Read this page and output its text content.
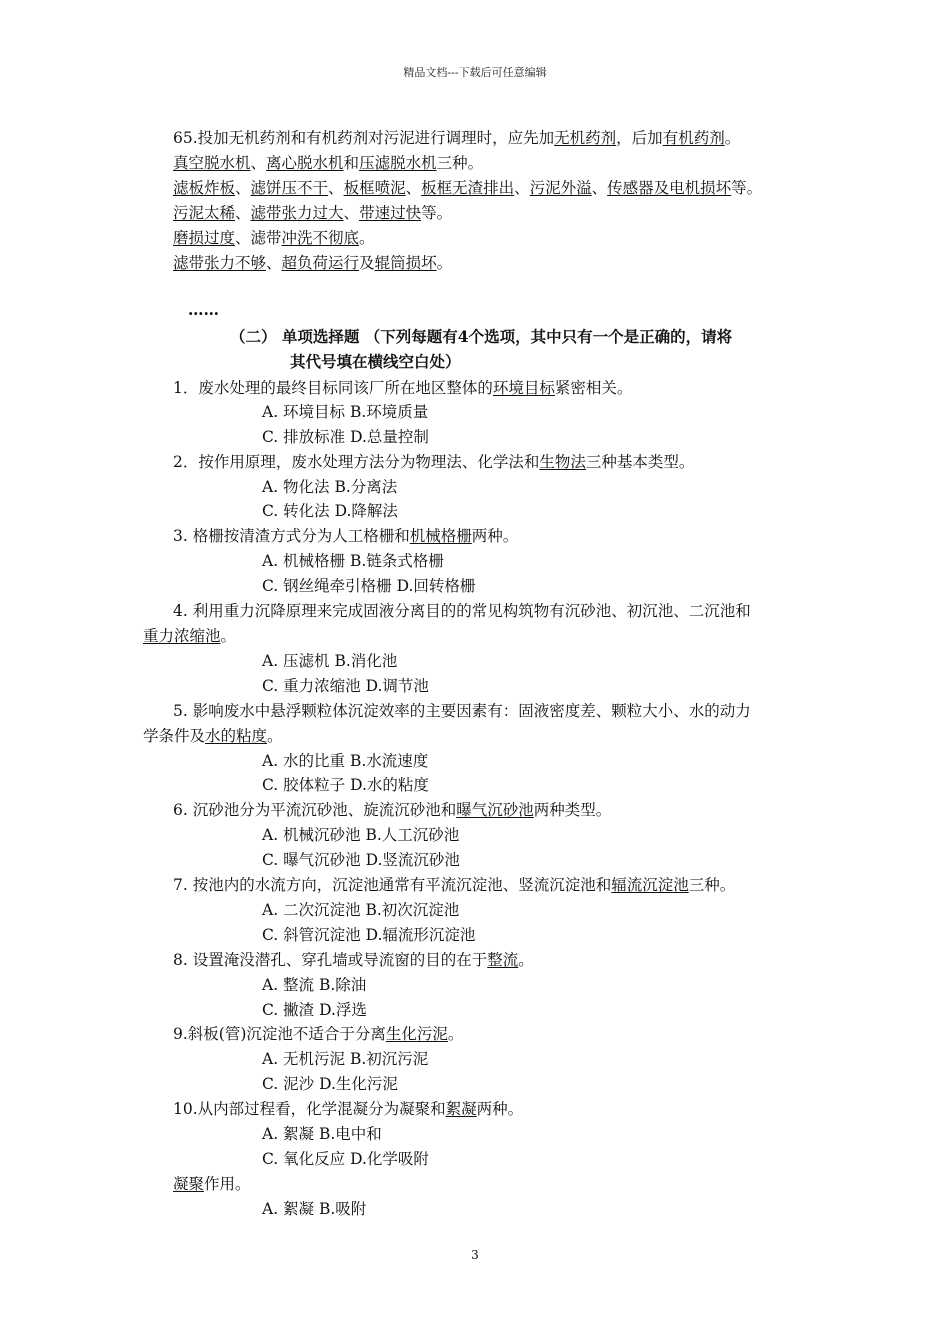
精品文档---下载后可任意编辑
65.投加无机药剂和有机药剂对污泥进行调理时，应先加无机药剂，后加有机药剂。
真空脱水机、离心脱水机和压滤脱水机三种。
滤板炸板、滤饼压不干、板框喷泥、板框无渣排出、污泥外溢、传感器及电机损坏等。
污泥太稀、滤带张力过大、带速过快等。
磨损过度、滤带冲洗不彻底。
滤带张力不够、超负荷运行及辊筒损坏。
……
（二） 单项选择题 （下列每题有4个选项，其中只有一个是正确的，请将
其代号填在横线空白处）
1．废水处理的最终目标同该厂所在地区整体的环境目标紧密相关。
A. 环境目标 B.环境质量
C. 排放标准 D.总量控制
2．按作用原理，废水处理方法分为物理法、化学法和生物法三种基本类型。
A. 物化法 B.分离法
C. 转化法 D.降解法
3. 格栅按清渣方式分为人工格栅和机械格栅两种。
A. 机械格栅 B.链条式格栅
C. 钢丝绳牵引格栅 D.回转格栅
4. 利用重力沉降原理来完成固液分离目的的常见构筑物有沉砂池、初沉池、二沉池和
重力浓缩池。
A. 压滤机 B.消化池
C. 重力浓缩池 D.调节池
5. 影响废水中悬浮颗粒体沉淀效率的主要因素有：固液密度差、颗粒大小、水的动力
学条件及水的粘度。
A. 水的比重 B.水流速度
C. 胶体粒子 D.水的粘度
6. 沉砂池分为平流沉砂池、旋流沉砂池和曝气沉砂池两种类型。
A. 机械沉砂池 B.人工沉砂池
C. 曝气沉砂池 D.竖流沉砂池
7. 按池内的水流方向，沉淀池通常有平流沉淀池、竖流沉淀池和辐流沉淀池三种。
A. 二次沉淀池 B.初次沉淀池
C. 斜管沉淀池 D.辐流形沉淀池
8. 设置淹没潜孔、穿孔墙或导流窗的目的在于整流。
A. 整流 B.除油
C. 撇渣 D.浮选
9.斜板(管)沉淀池不适合于分离生化污泥。
A. 无机污泥 B.初沉污泥
C. 泥沙 D.生化污泥
10.从内部过程看，化学混凝分为凝聚和絮凝两种。
A. 絮凝 B.电中和
C. 氧化反应 D.化学吸附
凝聚作用。
A. 絮凝 B.吸附
3
